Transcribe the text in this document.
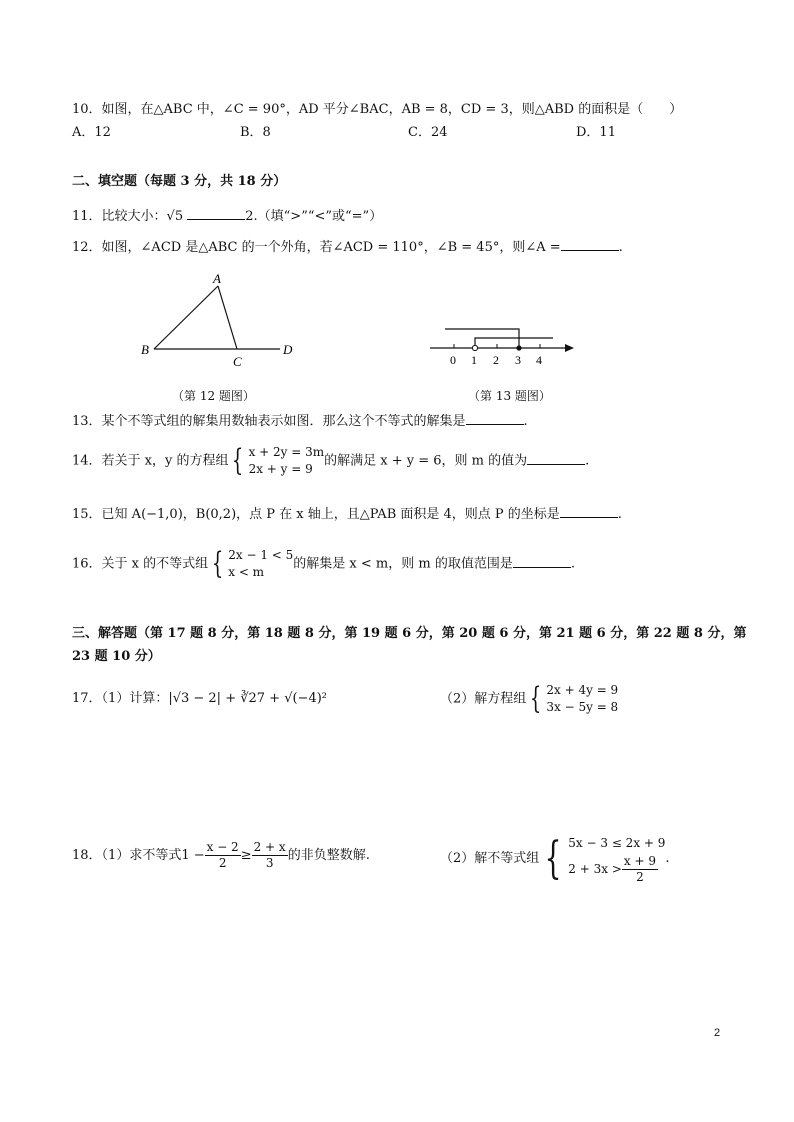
10．如图，在△ABC 中，∠C = 90°，AD 平分∠BAC，AB = 8，CD = 3，则△ABD 的面积是（　　）
A．12	B．8	C．24	D．11
二、填空题（每题 3 分，共 18 分）
11．比较大小：√5	2.（填“>”“<”或“=”）
12．如图，∠ACD 是△ABC 的一个外角，若∠ACD = 110°，∠B = 45°，则∠A =	.
A
B
C
D
（第 12 题图）
0 1 2 3 4
（第 13 题图）
13．某个不等式组的解集用数轴表示如图．那么这个不等式的解集是	.
14．若关于 x，y 的方程组 { x + 2y = 3m
2x + y = 9
的解满足 x + y = 6，则 m 的值为	.
15．已知 A(−1,0)，B(0,2)，点 P 在 x 轴上，且△PAB 面积是 4，则点 P 的坐标是	.
16．关于 x 的不等式组 { 2x − 1 < 5
x < m
的解集是 x < m，则 m 的取值范围是	.
三、解答题（第 17 题 8 分，第 18 题 8 分，第 19 题 6 分，第 20 题 6 分，第 21 题 6 分，第 22 题 8 分，第
23 题 10 分）
17．（1）计算：|√3 − 2| + ∛27 + √(−4)²	（2）解方程组 { 2x + 4y = 9
3x − 5y = 8
18．（1）求不等式$1 - \frac{x - 2}{2} \ge \frac{2 + x}{3}$ 的非负整数解.	（2）解不等式组 { 5x − 3 ≤ 2x + 9
$2 + 3x > \frac{x + 9}{2}$ .
2
